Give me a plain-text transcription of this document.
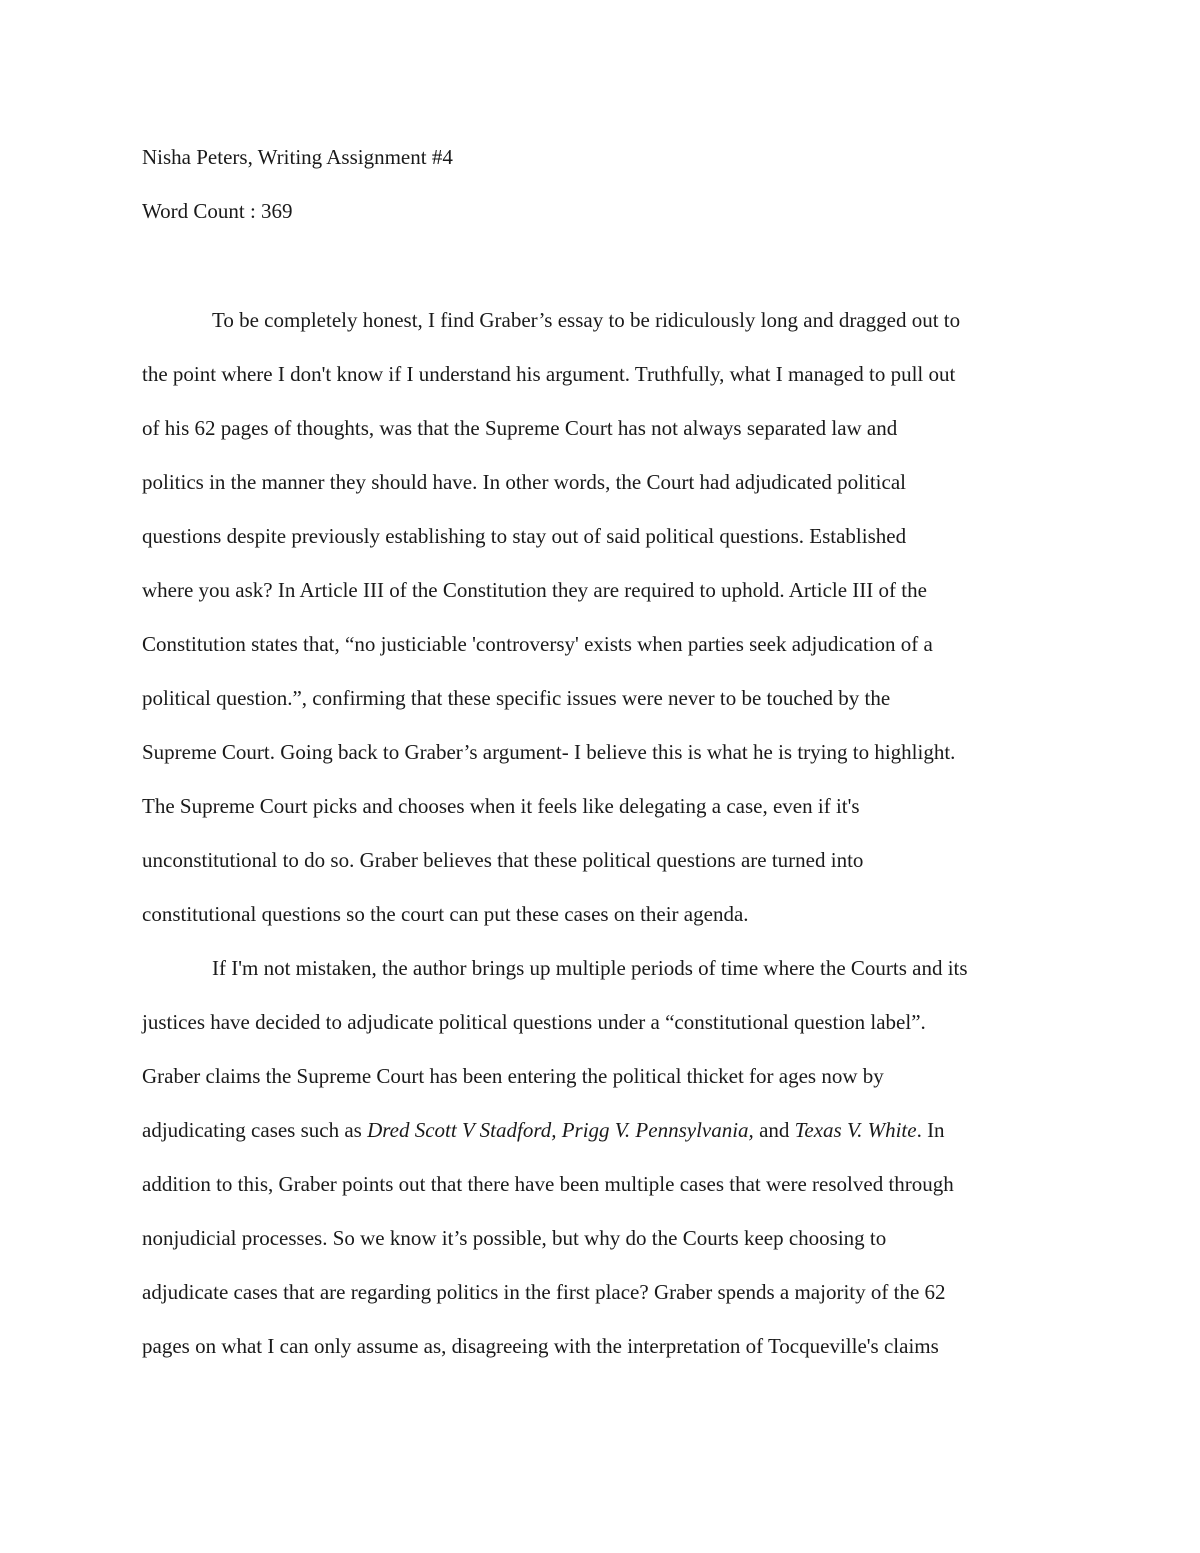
Nisha Peters, Writing Assignment #4
Word Count : 369
To be completely honest, I find Graber’s essay to be ridiculously long and dragged out to
the point where I don't know if I understand his argument. Truthfully, what I managed to pull out
of his 62 pages of thoughts, was that the Supreme Court has not always separated law and
politics in the manner they should have. In other words, the Court had adjudicated political
questions despite previously establishing to stay out of said political questions. Established
where you ask? In Article III of the Constitution they are required to uphold. Article III of the
Constitution states that, “no justiciable 'controversy' exists when parties seek adjudication of a
political question.”, confirming that these specific issues were never to be touched by the
Supreme Court. Going back to Graber’s argument- I believe this is what he is trying to highlight.
The Supreme Court picks and chooses when it feels like delegating a case, even if it's
unconstitutional to do so. Graber believes that these political questions are turned into
constitutional questions so the court can put these cases on their agenda.
If I'm not mistaken, the author brings up multiple periods of time where the Courts and its
justices have decided to adjudicate political questions under a “constitutional question label”.
Graber claims the Supreme Court has been entering the political thicket for ages now by
adjudicating cases such as Dred Scott V Stadford, Prigg V. Pennsylvania, and Texas V. White. In
addition to this, Graber points out that there have been multiple cases that were resolved through
nonjudicial processes. So we know it’s possible, but why do the Courts keep choosing to
adjudicate cases that are regarding politics in the first place? Graber spends a majority of the 62
pages on what I can only assume as, disagreeing with the interpretation of Tocqueville's claims
